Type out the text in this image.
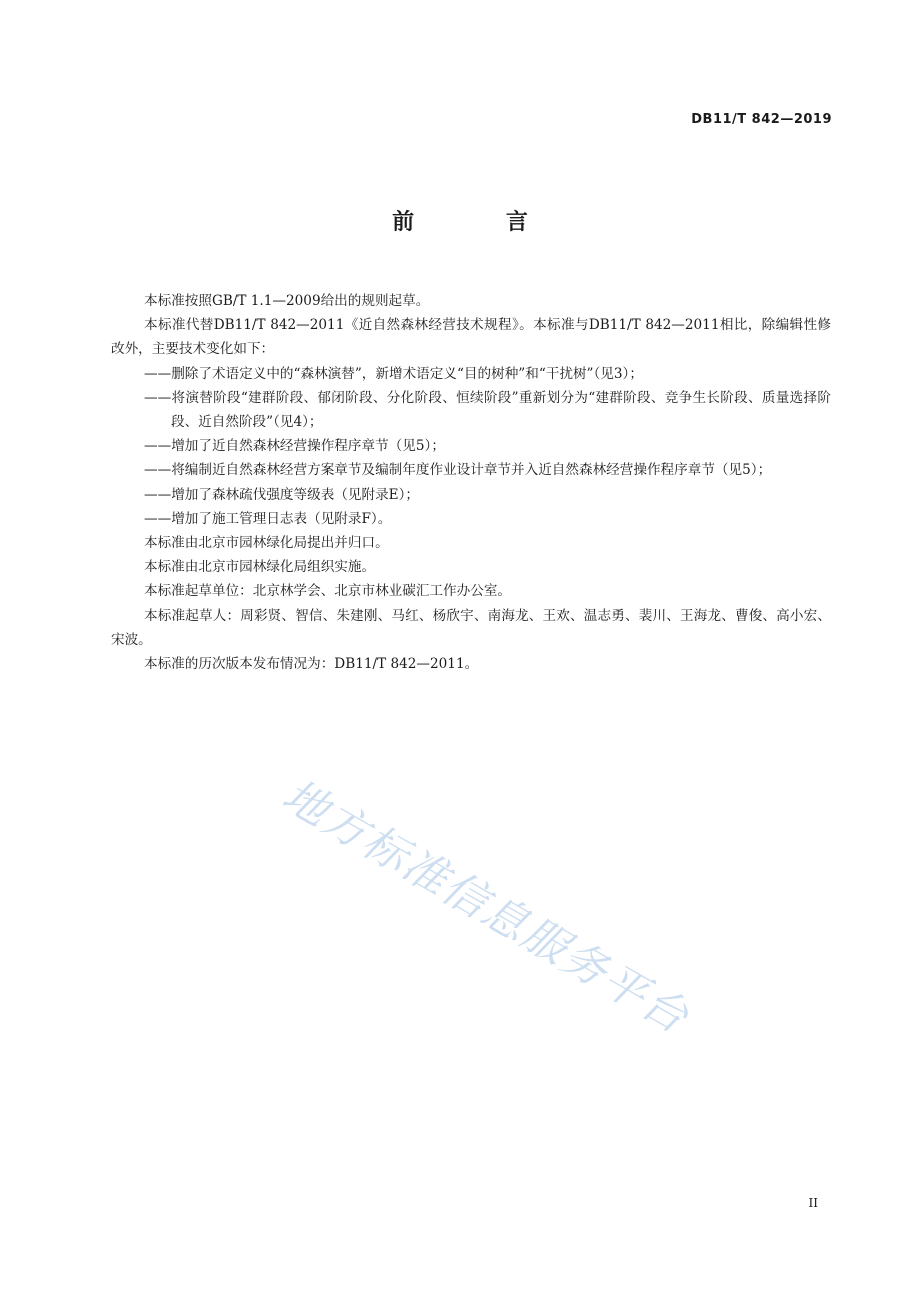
DB11/T 842—2019

前 言

本标准按照GB/T 1.1—2009给出的规则起草。

本标准代替DB11/T 842—2011《近自然森林经营技术规程》。本标准与DB11/T 842—2011相比，除编辑性修改外，主要技术变化如下：

——删除了术语定义中的“森林演替”，新增术语定义“目的树种”和“干扰树”（见3）；

——将演替阶段“建群阶段、郁闭阶段、分化阶段、恒续阶段”重新划分为“建群阶段、竞争生长阶段、质量选择阶段、近自然阶段”（见4）；

——增加了近自然森林经营操作程序章节（见5）；

——将编制近自然森林经营方案章节及编制年度作业设计章节并入近自然森林经营操作程序章节（见5）；

——增加了森林疏伐强度等级表（见附录E）；

——增加了施工管理日志表（见附录F）。

本标准由北京市园林绿化局提出并归口。

本标准由北京市园林绿化局组织实施。

本标准起草单位：北京林学会、北京市林业碳汇工作办公室。

本标准起草人：周彩贤、智信、朱建刚、马红、杨欣宇、南海龙、王欢、温志勇、裴川、王海龙、曹俊、高小宏、宋波。

本标准的历次版本发布情况为：DB11/T 842—2011。

地方标准信息服务平台

II
